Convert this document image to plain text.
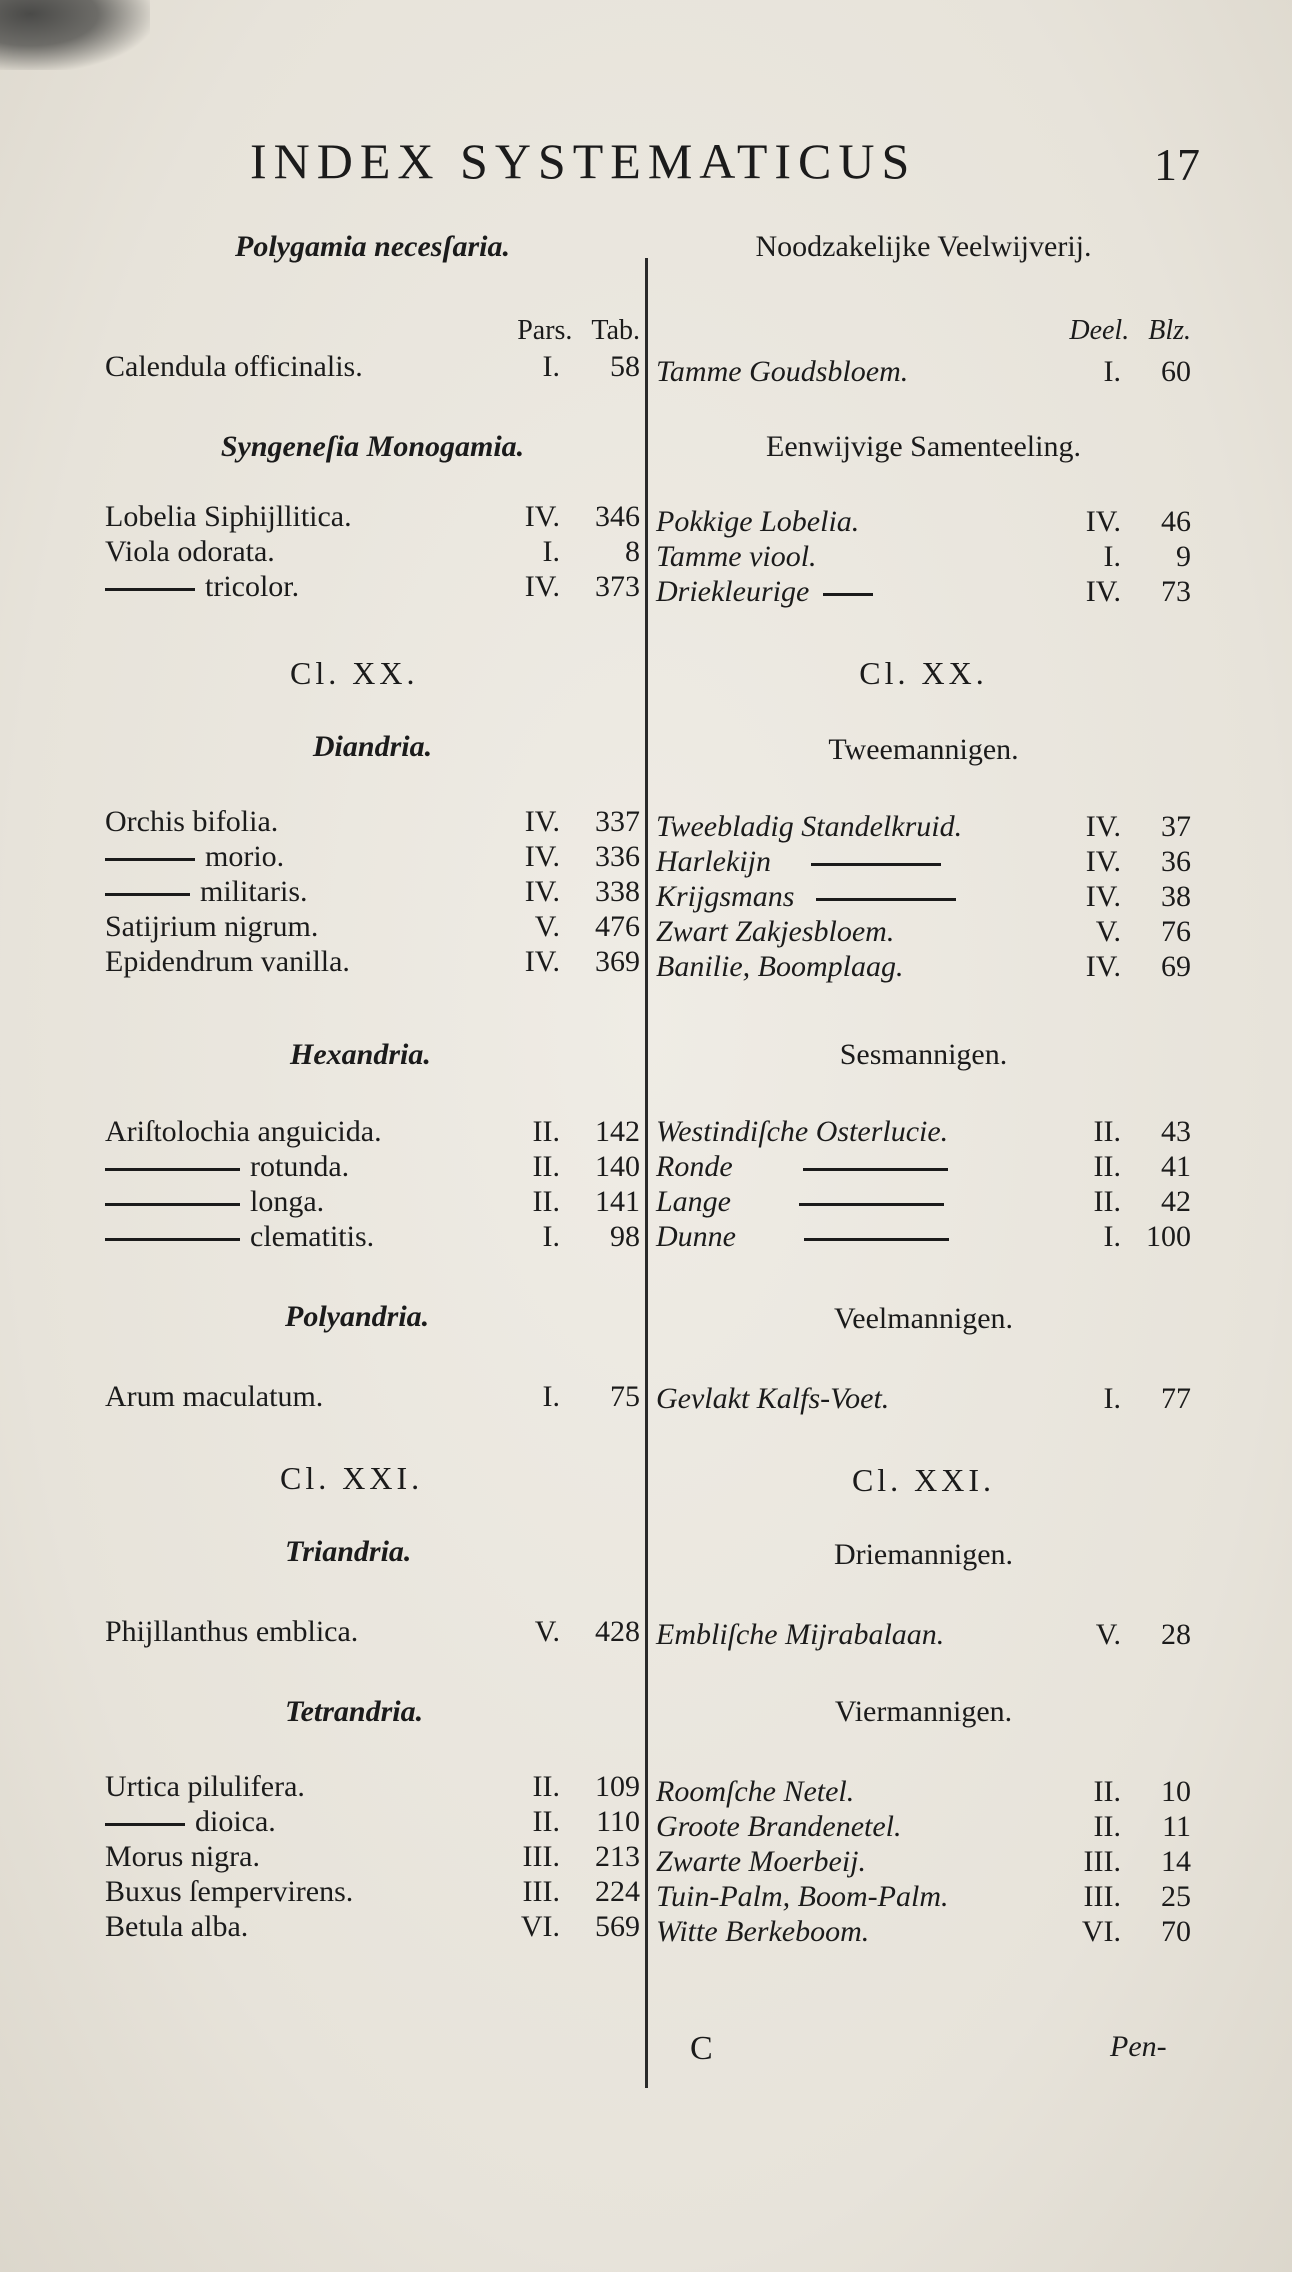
INDEX SYSTEMATICUS	17
Polygamia necesſaria.
Pars. Tab.
Calendula officinalis.	I. 58
Syngeneſia Monogamia.
Lobelia Siphijllitica.	IV. 346
Viola odorata.	I. 8
tricolor.	IV. 373
Cl. XX.
Diandria.
Orchis bifolia.	IV. 337
morio.	IV. 336
militaris.	IV. 338
Satijrium nigrum.	V. 476
Epidendrum vanilla.	IV. 369
Hexandria.
Ariſtolochia anguicida.	II. 142
rotunda.	II. 140
longa.	II. 141
clematitis.	I. 98
Polyandria.
Arum maculatum.	I. 75
Cl. XXI.
Triandria.
Phijllanthus emblica.	V. 428
Tetrandria.
Urtica pilulifera.	II. 109
dioica.	II. 110
Morus nigra.	III. 213
Buxus ſempervirens.	III. 224
Betula alba.	VI. 569
Noodzakelijke Veelwijverij.
Deel. Blz.
Tamme Goudsbloem.	I. 60
Eenwijvige Samenteeling.
Pokkige Lobelia.	IV. 46
Tamme viool.	I. 9
Driekleurige	IV. 73
Cl. XX.
Tweemannigen.
Tweebladig Standelkruid.	IV. 37
Harlekijn	IV. 36
Krijgsmans	IV. 38
Zwart Zakjesbloem.	V. 76
Banilie, Boomplaag.	IV. 69
Sesmannigen.
Westindiſche Osterlucie.	II. 43
Ronde	II. 41
Lange	II. 42
Dunne	I. 100
Veelmannigen.
Gevlakt Kalfs-Voet.	I. 77
Cl. XXI.
Driemannigen.
Embliſche Mijrabalaan.	V. 28
Viermannigen.
Roomſche Netel.	II. 10
Groote Brandenetel.	II. 11
Zwarte Moerbeij.	III. 14
Tuin-Palm, Boom-Palm.	III. 25
Witte Berkeboom.	VI. 70
C	Pen-
